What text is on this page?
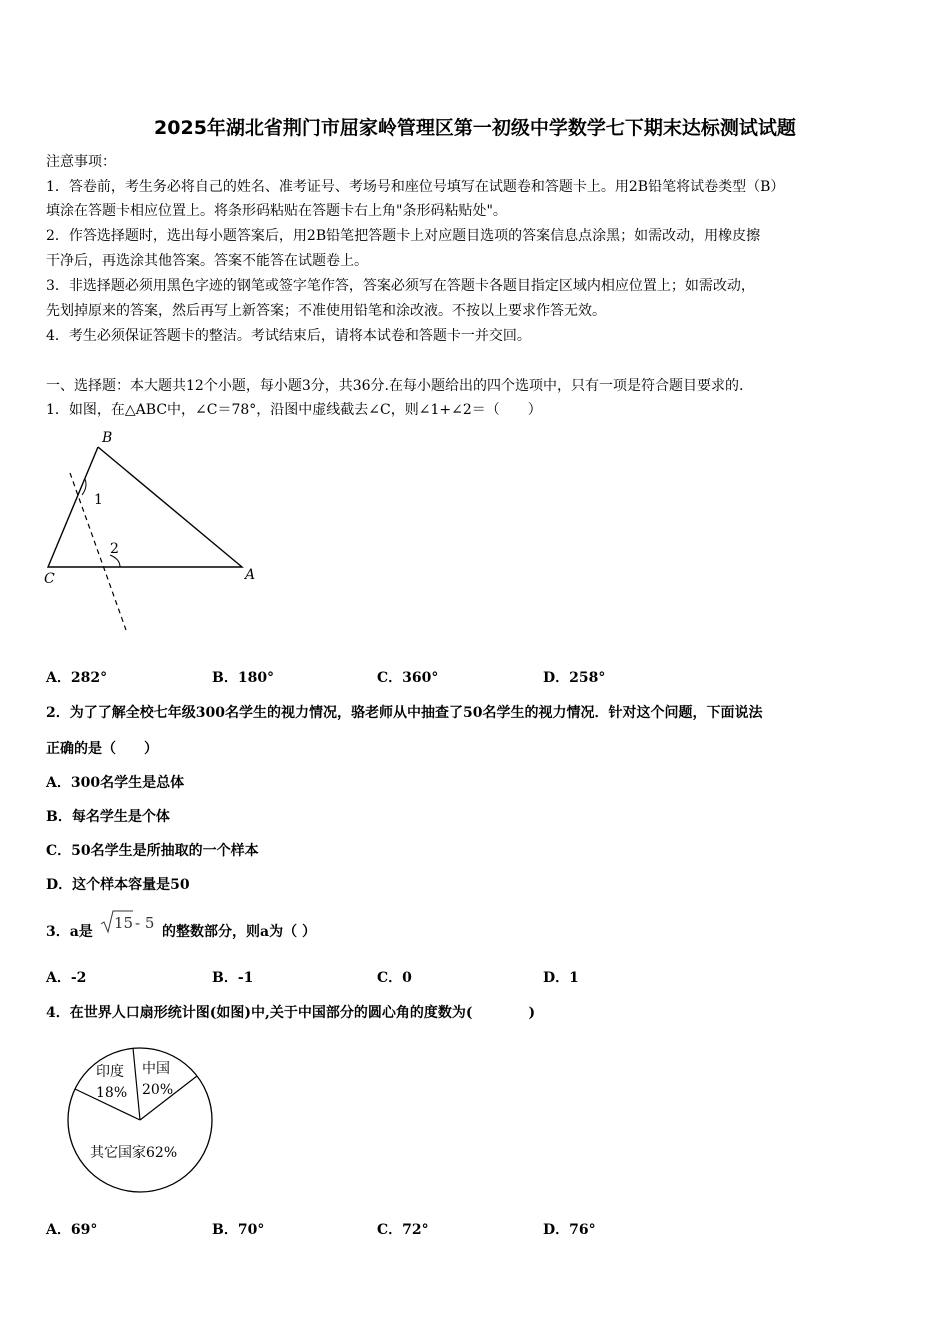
2025年湖北省荆门市屈家岭管理区第一初级中学数学七下期末达标测试试题
注意事项：
1．答卷前，考生务必将自己的姓名、准考证号、考场号和座位号填写在试题卷和答题卡上。用2B铅笔将试卷类型（B）
填涂在答题卡相应位置上。将条形码粘贴在答题卡右上角"条形码粘贴处"。
2．作答选择题时，选出每小题答案后，用2B铅笔把答题卡上对应题目选项的答案信息点涂黑；如需改动，用橡皮擦
干净后，再选涂其他答案。答案不能答在试题卷上。
3．非选择题必须用黑色字迹的钢笔或签字笔作答，答案必须写在答题卡各题目指定区域内相应位置上；如需改动，
先划掉原来的答案，然后再写上新答案；不准使用铅笔和涂改液。不按以上要求作答无效。
4．考生必须保证答题卡的整洁。考试结束后，请将本试卷和答题卡一并交回。
一、选择题：本大题共12个小题，每小题3分，共36分.在每小题给出的四个选项中，只有一项是符合题目要求的.
1．如图，在△ABC中，∠C＝78°，沿图中虚线截去∠C，则∠1+∠2＝（　　）
B
C	A
1
2
A．282°	B．180°	C．360°	D．258°
2．为了了解全校七年级300名学生的视力情况，骆老师从中抽查了50名学生的视力情况．针对这个问题，下面说法
正确的是（　　）
A．300名学生是总体
B．每名学生是个体
C．50名学生是所抽取的一个样本
D．这个样本容量是50
3．a是 15 - 5 的整数部分，则a为（ ）
A．-2	B．-1	C．0	D．1
4．在世界人口扇形统计图(如图)中,关于中国部分的圆心角的度数为(　　　　)
印度
18%
中国
20%
其它国家62%
A．69°	B．70°	C．72°	D．76°
